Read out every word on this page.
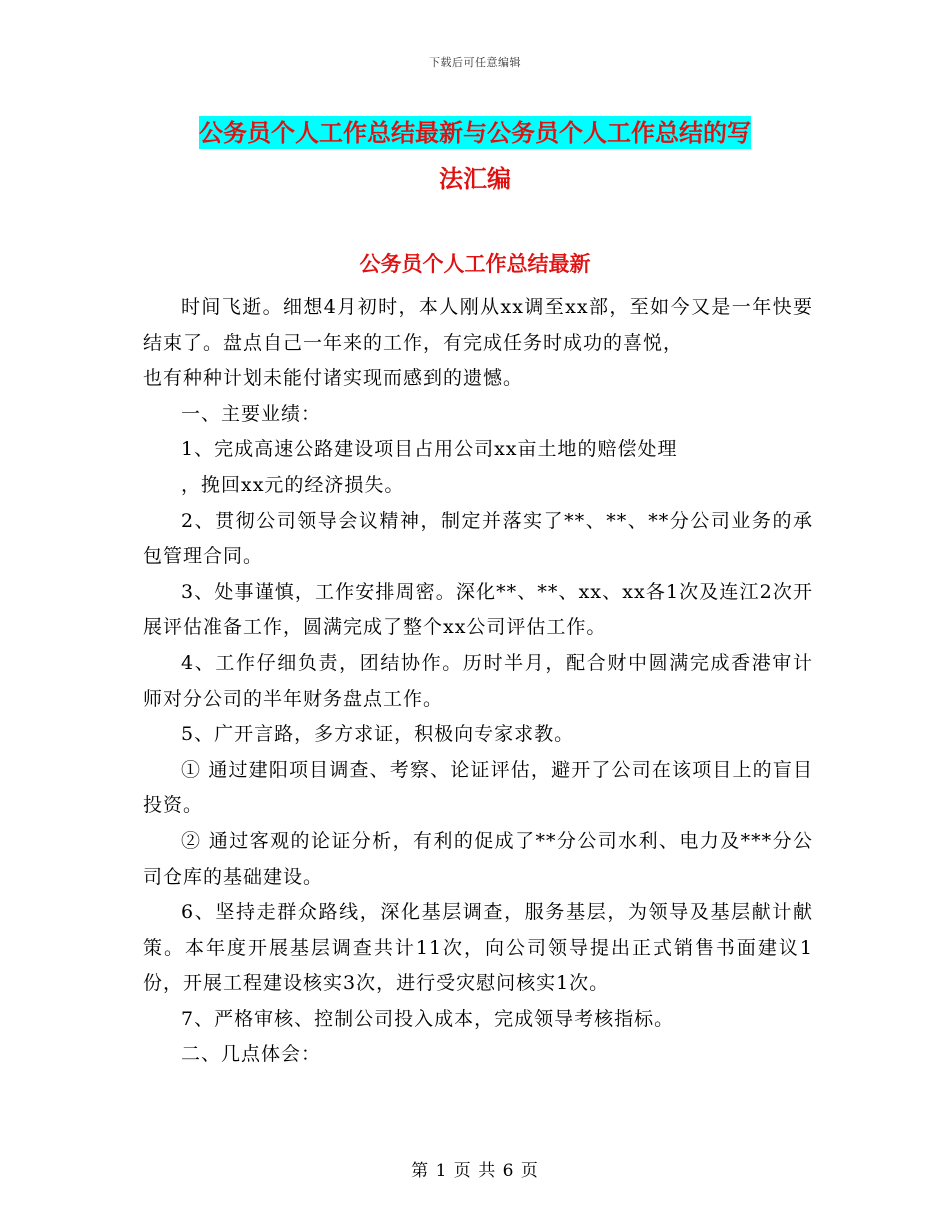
下载后可任意编辑
公务员个人工作总结最新与公务员个人工作总结的写
法汇编
公务员个人工作总结最新

时间飞逝。细想4月初时，本人刚从xx调至xx部，至如今又是一年快要结束了。盘点自己一年来的工作，有完成任务时成功的喜悦，

也有种种计划未能付诸实现而感到的遗憾。

一、主要业绩：

1、完成高速公路建设项目占用公司xx亩土地的赔偿处理

，挽回xx元的经济损失。

2、贯彻公司领导会议精神，制定并落实了**、**、**分公司业务的承包管理合同。

3、处事谨慎，工作安排周密。深化**、**、xx、xx各1次及连江2次开展评估准备工作，圆满完成了整个xx公司评估工作。

4、工作仔细负责，团结协作。历时半月，配合财中圆满完成香港审计师对分公司的半年财务盘点工作。

5、广开言路，多方求证，积极向专家求教。

① 通过建阳项目调查、考察、论证评估，避开了公司在该项目上的盲目投资。

② 通过客观的论证分析，有利的促成了**分公司水利、电力及***分公司仓库的基础建设。

6、坚持走群众路线，深化基层调查，服务基层，为领导及基层献计献策。本年度开展基层调查共计11次，向公司领导提出正式销售书面建议1份，开展工程建设核实3次，进行受灾慰问核实1次。

7、严格审核、控制公司投入成本，完成领导考核指标。

二、几点体会：

第 1 页 共 6 页
